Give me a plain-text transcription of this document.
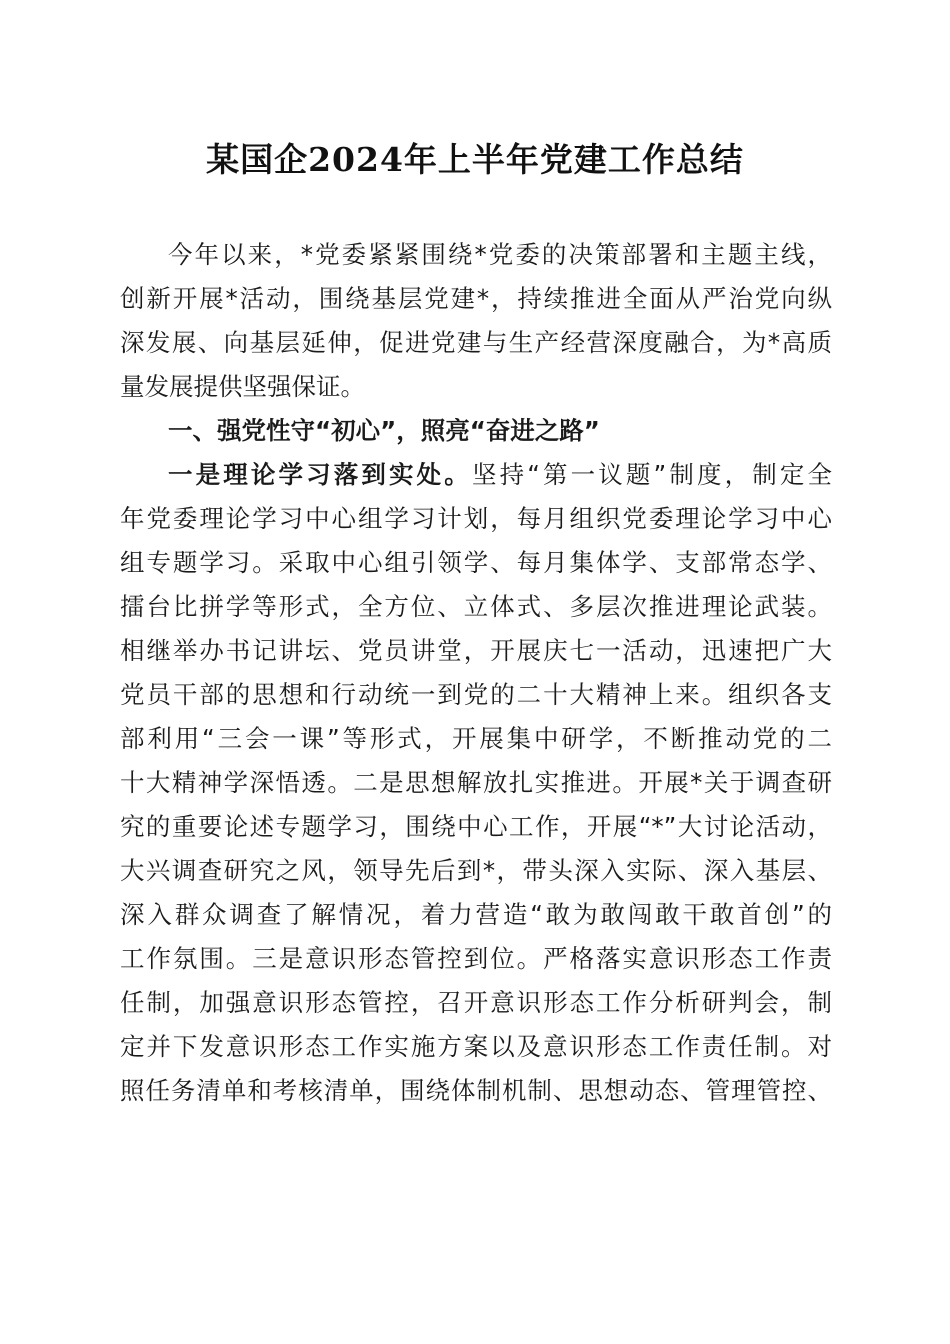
某国企2024年上半年党建工作总结
今年以来，*党委紧紧围绕*党委的决策部署和主题主线，
创新开展*活动，围绕基层党建*，持续推进全面从严治党向纵
深发展、向基层延伸，促进党建与生产经营深度融合，为*高质
量发展提供坚强保证。
一、强党性守“初心”，照亮“奋进之路”
一是理论学习落到实处。坚持“第一议题”制度，制定全
年党委理论学习中心组学习计划，每月组织党委理论学习中心
组专题学习。采取中心组引领学、每月集体学、支部常态学、
擂台比拼学等形式，全方位、立体式、多层次推进理论武装。
相继举办书记讲坛、党员讲堂，开展庆七一活动，迅速把广大
党员干部的思想和行动统一到党的二十大精神上来。组织各支
部利用“三会一课”等形式，开展集中研学，不断推动党的二
十大精神学深悟透。二是思想解放扎实推进。开展*关于调查研
究的重要论述专题学习，围绕中心工作，开展“*”大讨论活动，
大兴调查研究之风，领导先后到*，带头深入实际、深入基层、
深入群众调查了解情况，着力营造“敢为敢闯敢干敢首创”的
工作氛围。三是意识形态管控到位。严格落实意识形态工作责
任制，加强意识形态管控，召开意识形态工作分析研判会，制
定并下发意识形态工作实施方案以及意识形态工作责任制。对
照任务清单和考核清单，围绕体制机制、思想动态、管理管控、
